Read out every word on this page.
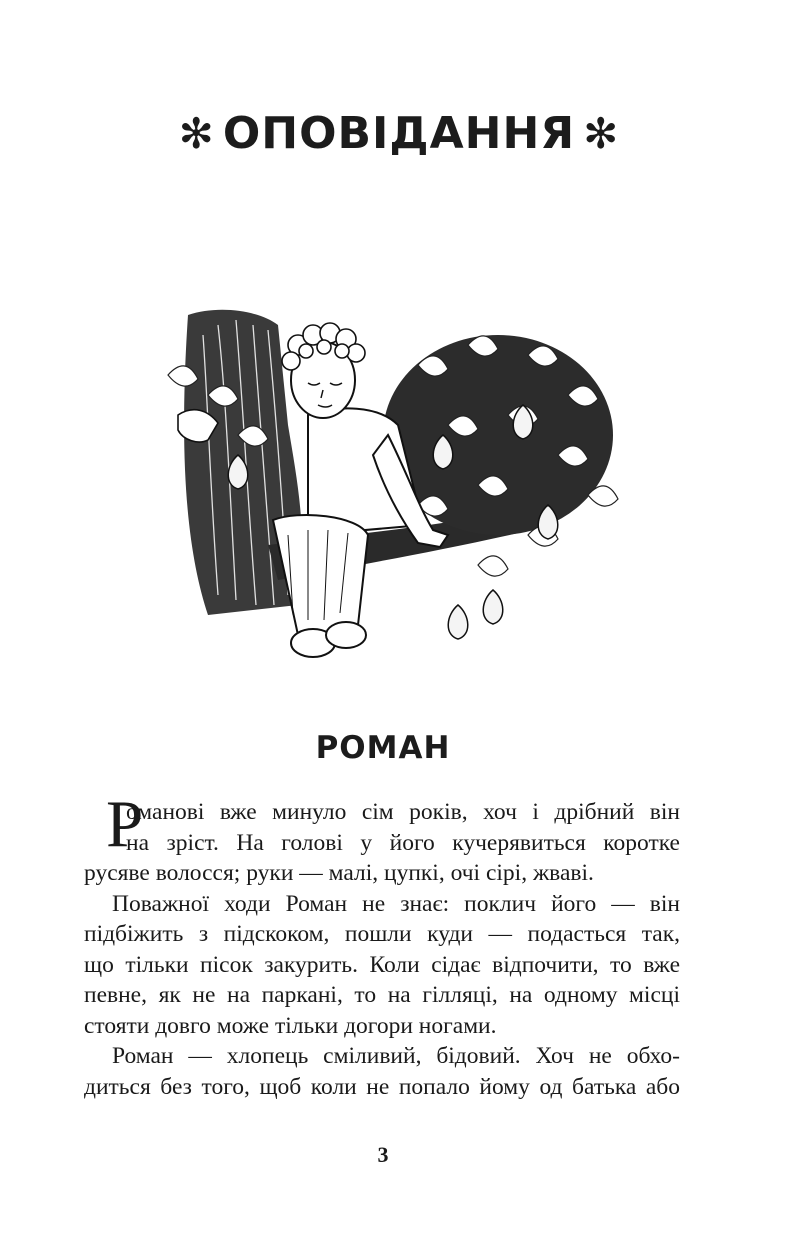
✻ ОПОВІДАННЯ ✻
РОМАН
Р
оманові вже минуло сім років, хоч і дрібний він
на зріст. На голові у його кучерявиться коротке
русяве волосся; руки — малі, цупкі, очі сірі, жваві.
Поважної ходи Роман не знає: поклич його — він
підбіжить з підскоком, пошли куди — подасться так,
що тільки пісок закурить. Коли сідає відпочити, то вже
певне, як не на паркані, то на гілляці, на одному місці
стояти довго може тільки догори ногами.
Роман — хлопець сміливий, бідовий. Хоч не обхо-
диться без того, щоб коли не попало йому од батька або
3
